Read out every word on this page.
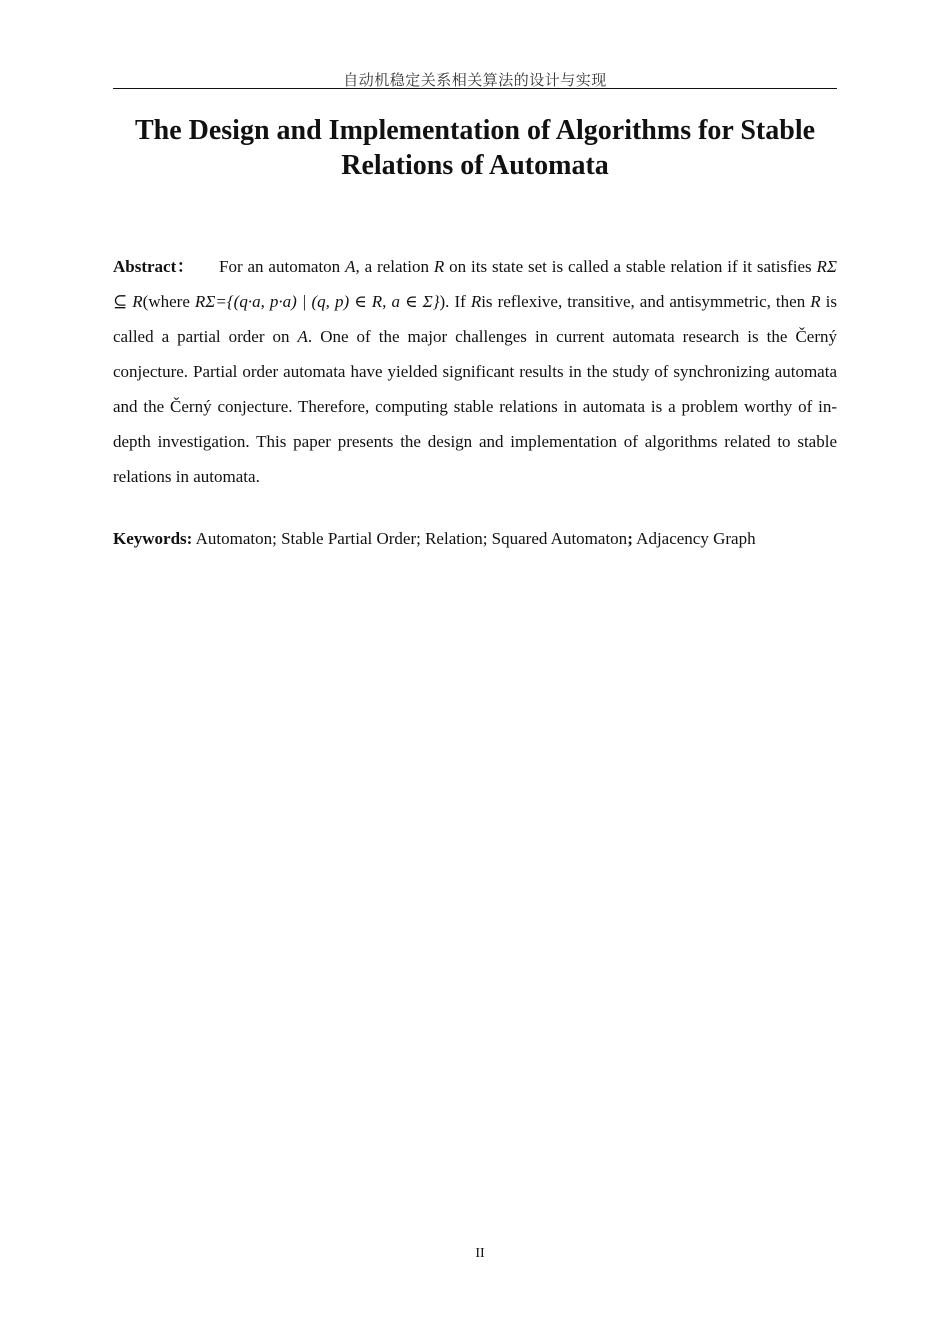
自动机稳定关系相关算法的设计与实现
The Design and Implementation of Algorithms for Stable
Relations of Automata
Abstract： For an automaton A, a relation R on its state set is called a stable relation if it satisfies RΣ ⊆ R(where RΣ={(q·a, p·a) | (q, p) ∈ R, a ∈ Σ}). If Ris reflexive, transitive, and antisymmetric, then R is called a partial order on A. One of the major challenges in current automata research is the Černý conjecture. Partial order automata have yielded significant results in the study of synchronizing automata and the Černý conjecture. Therefore, computing stable relations in automata is a problem worthy of in-depth investigation. This paper presents the design and implementation of algorithms related to stable relations in automata.
Keywords: Automaton; Stable Partial Order; Relation; Squared Automaton; Adjacency Graph
II
